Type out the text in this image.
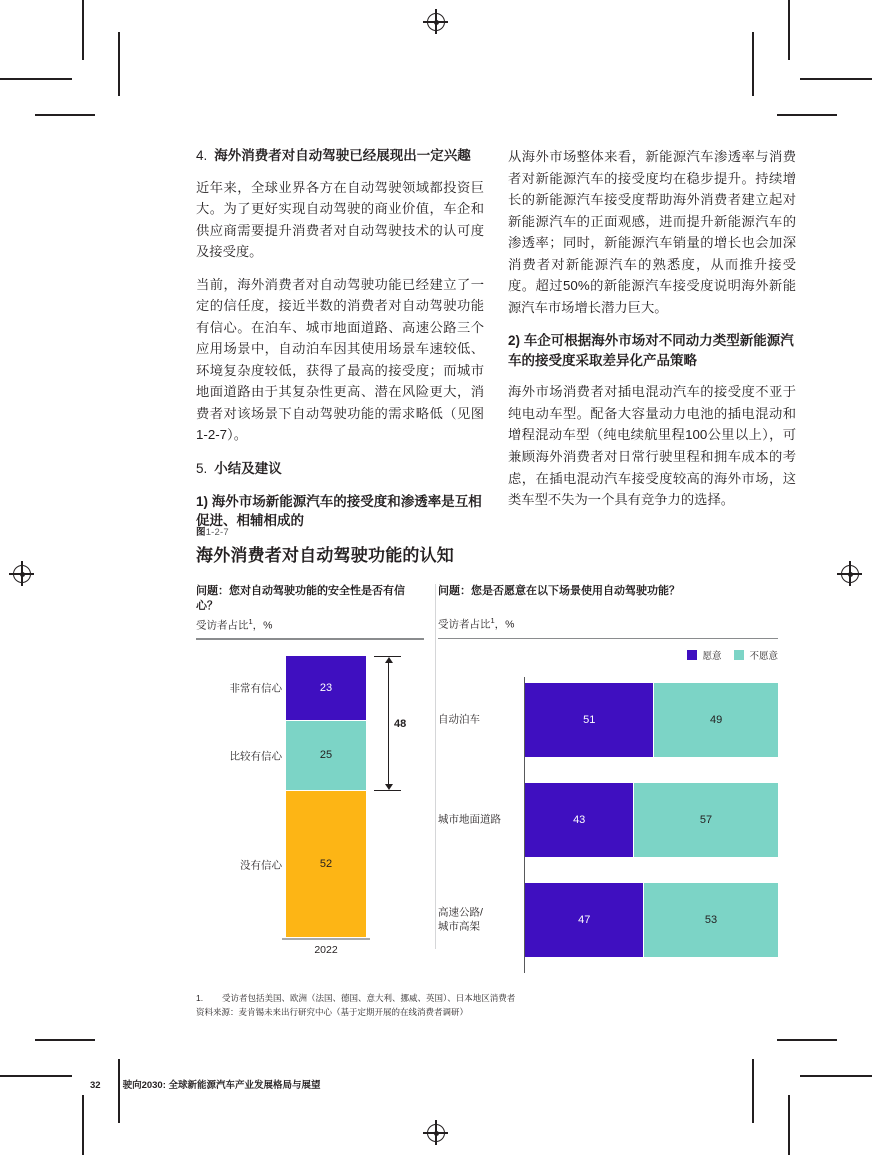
4. 海外消费者对自动驾驶已经展现出一定兴趣

近年来，全球业界各方在自动驾驶领域都投资巨大。为了更好实现自动驾驶的商业价值，车企和供应商需要提升消费者对自动驾驶技术的认可度及接受度。

当前，海外消费者对自动驾驶功能已经建立了一定的信任度，接近半数的消费者对自动驾驶功能有信心。在泊车、城市地面道路、高速公路三个应用场景中，自动泊车因其使用场景车速较低、环境复杂度较低，获得了最高的接受度；而城市地面道路由于其复杂性更高、潜在风险更大，消费者对该场景下自动驾驶功能的需求略低（见图1-2-7）。

5. 小结及建议
1) 海外市场新能源汽车的接受度和渗透率是互相促进、相辅相成的

从海外市场整体来看，新能源汽车渗透率与消费者对新能源汽车的接受度均在稳步提升。持续增长的新能源汽车接受度帮助海外消费者建立起对新能源汽车的正面观感，进而提升新能源汽车的渗透率；同时，新能源汽车销量的增长也会加深消费者对新能源汽车的熟悉度，从而推升接受度。超过50%的新能源汽车接受度说明海外新能源汽车市场增长潜力巨大。

2) 车企可根据海外市场对不同动力类型新能源汽车的接受度采取差异化产品策略

海外市场消费者对插电混动汽车的接受度不亚于纯电动车型。配备大容量动力电池的插电混动和增程混动车型（纯电续航里程100公里以上），可兼顾海外消费者对日常行驶里程和拥车成本的考虑，在插电混动汽车接受度较高的海外市场，这类车型不失为一个具有竞争力的选择。

图1-2-7
海外消费者对自动驾驶功能的认知
问题：您对自动驾驶功能的安全性是否有信心？
受访者占比$^1$，%
非常有信心
比较有信心
没有信心
23
25
52
2022
48
问题：您是否愿意在以下场景使用自动驾驶功能？
受访者占比$^1$，%
愿意	不愿意
自动泊车	51	49
城市地面道路	43	57
高速公路/
城市高架	47	53
1.	受访者包括美国、欧洲（法国、德国、意大利、挪威、英国）、日本地区消费者
资料来源：麦肯锡未来出行研究中心（基于定期开展的在线消费者调研）
32 驶向2030: 全球新能源汽车产业发展格局与展望
